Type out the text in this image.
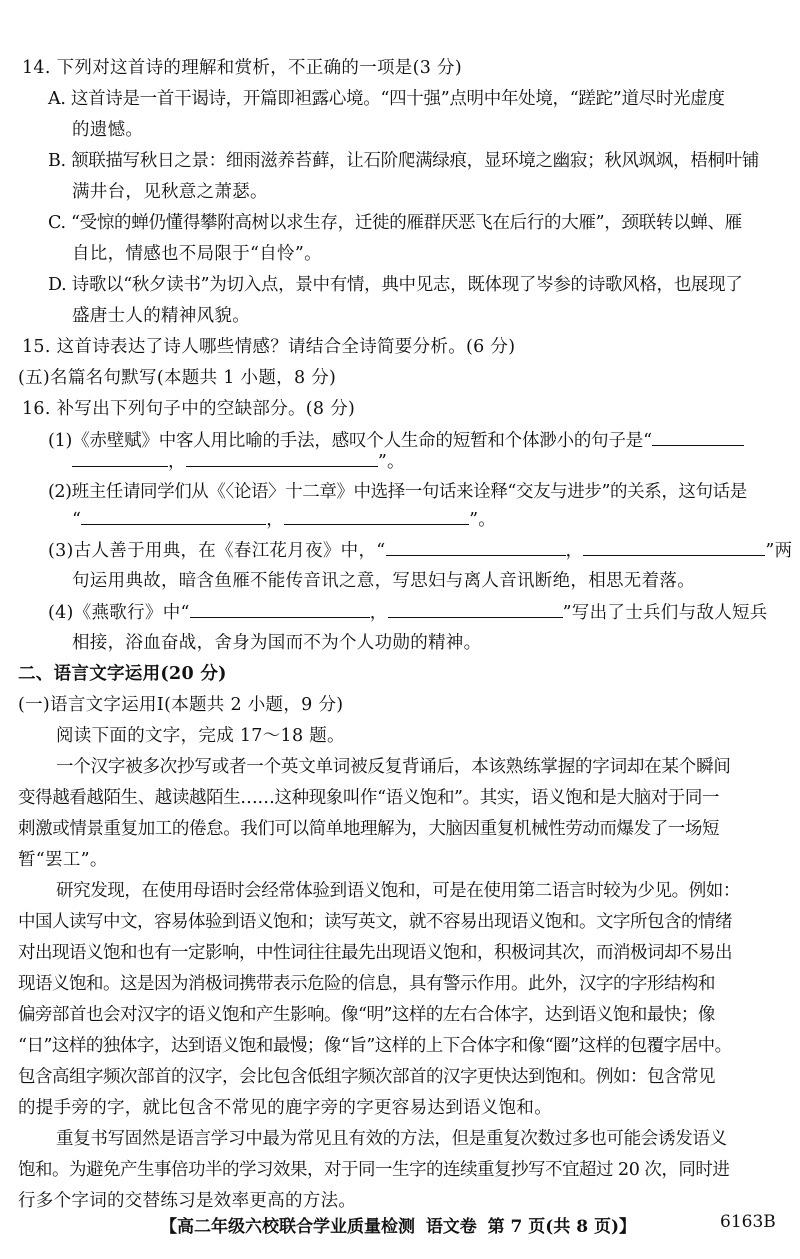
14. 下列对这首诗的理解和赏析，不正确的一项是(3 分)
A. 这首诗是一首干谒诗，开篇即袒露心境。“四十强”点明中年处境，“蹉跎”道尽时光虚度
的遗憾。
B. 颔联描写秋日之景：细雨滋养苔藓，让石阶爬满绿痕，显环境之幽寂；秋风飒飒，梧桐叶铺
满井台，见秋意之萧瑟。
C. “受惊的蝉仍懂得攀附高树以求生存，迁徙的雁群厌恶飞在后行的大雁”，颈联转以蝉、雁
自比，情感也不局限于“自怜”。
D. 诗歌以“秋夕读书”为切入点，景中有情，典中见志，既体现了岑参的诗歌风格，也展现了
盛唐士人的精神风貌。
15. 这首诗表达了诗人哪些情感？请结合全诗简要分析。(6 分)
(五)名篇名句默写(本题共 1 小题，8 分)
16. 补写出下列句子中的空缺部分。(8 分)
(1)《赤壁赋》中客人用比喻的手法，感叹个人生命的短暂和个体渺小的句子是“
，	”。
(2)班主任请同学们从《〈论语〉十二章》中选择一句话来诠释“交友与进步”的关系，这句话是
“	，	”。
(3)古人善于用典，在《春江花月夜》中，“	，	”两
句运用典故，暗含鱼雁不能传音讯之意，写思妇与离人音讯断绝，相思无着落。
(4)《燕歌行》中“	，	”写出了士兵们与敌人短兵
相接，浴血奋战，舍身为国而不为个人功勋的精神。
二、语言文字运用(20 分)
(一)语言文字运用Ⅰ(本题共 2 小题，9 分)
阅读下面的文字，完成 17～18 题。
一个汉字被多次抄写或者一个英文单词被反复背诵后，本该熟练掌握的字词却在某个瞬间
变得越看越陌生、越读越陌生……这种现象叫作“语义饱和”。其实，语义饱和是大脑对于同一
刺激或情景重复加工的倦怠。我们可以简单地理解为，大脑因重复机械性劳动而爆发了一场短
暂“罢工”。
研究发现，在使用母语时会经常体验到语义饱和，可是在使用第二语言时较为少见。例如：
中国人读写中文，容易体验到语义饱和；读写英文，就不容易出现语义饱和。文字所包含的情绪
对出现语义饱和也有一定影响，中性词往往最先出现语义饱和，积极词其次，而消极词却不易出
现语义饱和。这是因为消极词携带表示危险的信息，具有警示作用。此外，汉字的字形结构和
偏旁部首也会对汉字的语义饱和产生影响。像“明”这样的左右合体字，达到语义饱和最快；像
“日”这样的独体字，达到语义饱和最慢；像“旨”这样的上下合体字和像“圈”这样的包覆字居中。
包含高组字频次部首的汉字，会比包含低组字频次部首的汉字更快达到饱和。例如：包含常见
的提手旁的字，就比包含不常见的鹿字旁的字更容易达到语义饱和。
重复书写固然是语言学习中最为常见且有效的方法，但是重复次数过多也可能会诱发语义
饱和。为避免产生事倍功半的学习效果，对于同一生字的连续重复抄写不宜超过 20 次，同时进
行多个字词的交替练习是效率更高的方法。
【高二年级六校联合学业质量检测 语文卷 第 7 页(共 8 页)】	6163B
